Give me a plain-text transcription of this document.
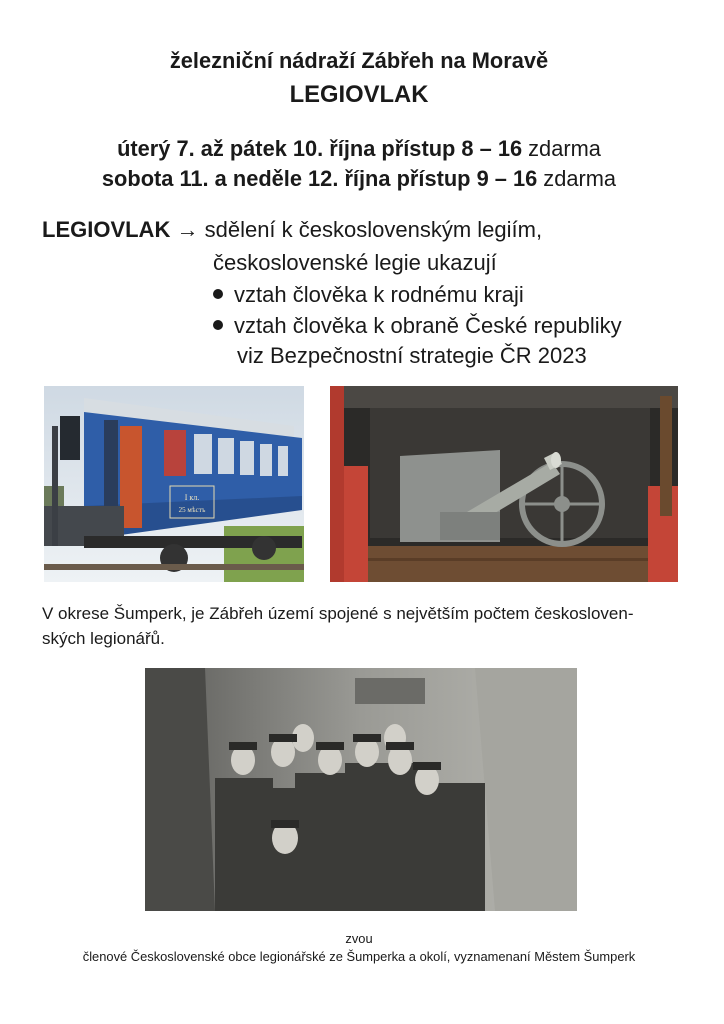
železniční nádraží Zábřeh na Moravě
LEGIOVLAK
úterý 7. až pátek 10. října přístup 8 – 16 zdarma
sobota 11. a neděle 12. října přístup 9 – 16 zdarma
LEGIOVLAK → sdělení k československým legiím,
československé legie ukazují
vztah člověka k rodnému kraji
vztah člověka k obraně České republiky
viz Bezpečnostní strategie ČR 2023
I кл.
25 мѣстъ
V okrese Šumperk, je Zábřeh území spojené s největším počtem českosloven-
ských legionářů.
zvou
členové Československé obce legionářské ze Šumperka a okolí, vyznamenaní Městem Šumperk
